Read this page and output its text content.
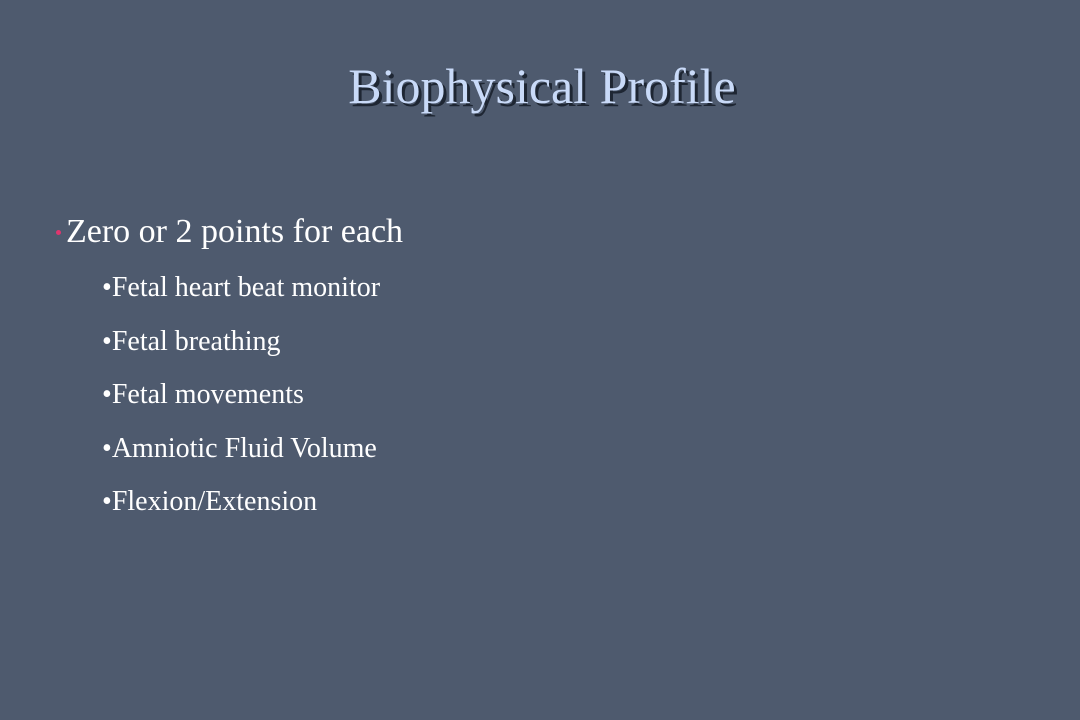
Biophysical Profile
Zero or 2 points for each
•Fetal heart beat monitor
•Fetal breathing
•Fetal movements
•Amniotic Fluid Volume
•Flexion/Extension
